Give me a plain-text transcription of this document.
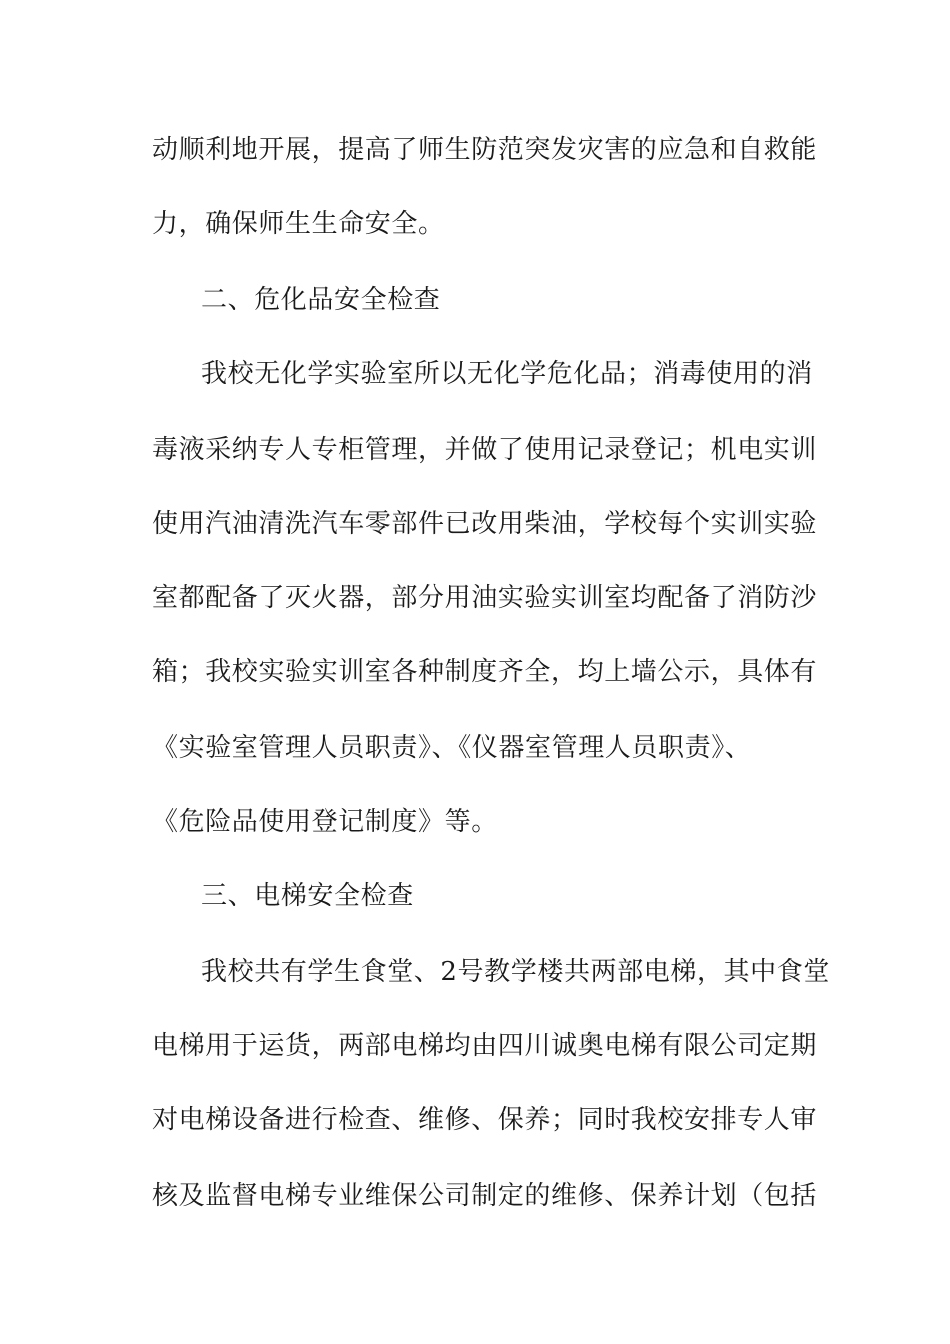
动顺利地开展，提高了师生防范突发灾害的应急和自救能
力，确保师生生命安全。
二、危化品安全检查
我校无化学实验室所以无化学危化品；消毒使用的消
毒液采纳专人专柜管理，并做了使用记录登记；机电实训
使用汽油清洗汽车零部件已改用柴油，学校每个实训实验
室都配备了灭火器，部分用油实验实训室均配备了消防沙
箱；我校实验实训室各种制度齐全，均上墙公示，具体有
《实验室管理人员职责》、《仪器室管理人员职责》、
《危险品使用登记制度》等。
三、电梯安全检查
我校共有学生食堂、2号教学楼共两部电梯，其中食堂
电梯用于运货，两部电梯均由四川诚奥电梯有限公司定期
对电梯设备进行检查、维修、保养；同时我校安排专人审
核及监督电梯专业维保公司制定的维修、保养计划（包括
